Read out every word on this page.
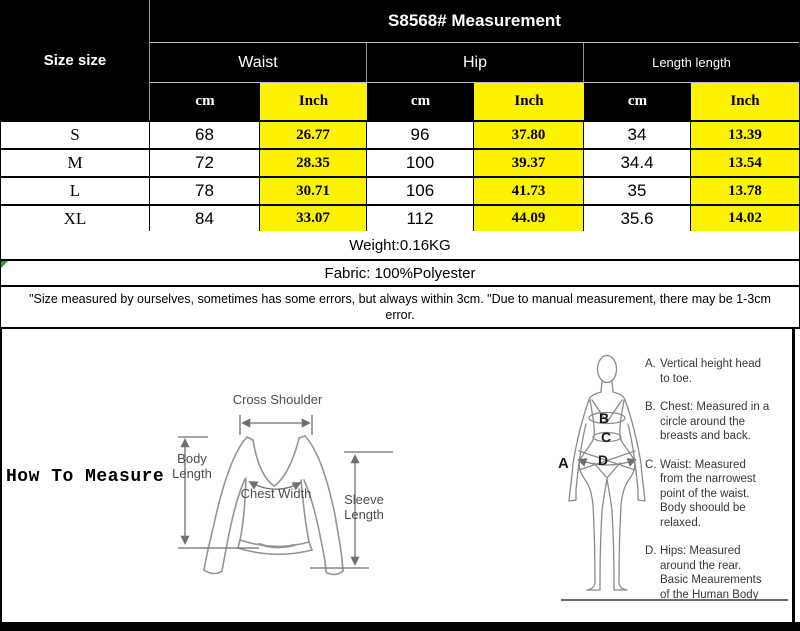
Size size
S8568# Measurement
Waist	Hip	Length length
cm	Inch	cm	Inch	cm	Inch
S	68	26.77	96	37.80	34	13.39
M	72	28.35	100	39.37	34.4	13.54
L	78	30.71	106	41.73	35	13.78
XL	84	33.07	112	44.09	35.6	14.02
Weight:0.16KG
Fabric: 100%Polyester
"Size measured by ourselves, sometimes has some errors, but always within 3cm. "Due to manual measurement, there may be 1-3cm error.
A
B
C
D
How To Measure
Cross Shoulder
Body Length
Chest Width	Sleeve Length
A. Vertical height head
to toe.
B. Chest: Measured in a
circle around the
breasts and back.
C. Waist: Measured
from the narrowest
point of the waist.
Body shoould be
relaxed.
D. Hips: Measured
around the rear.
Basic Meaurements
of the Human Body
